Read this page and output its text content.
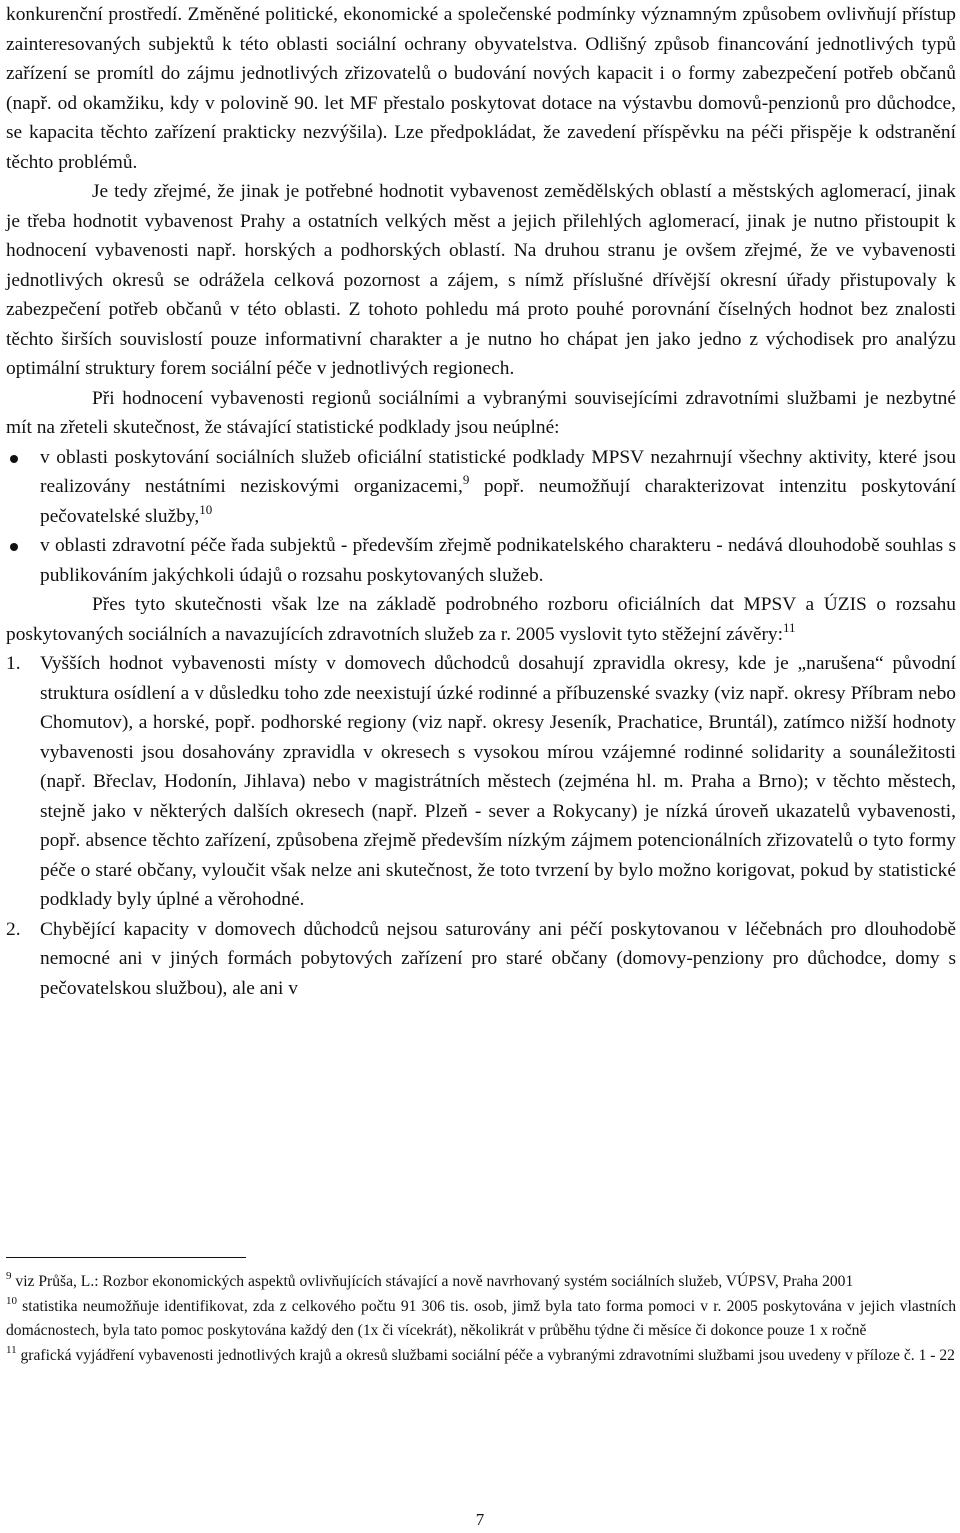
konkurenční prostředí. Změněné politické, ekonomické a společenské podmínky významným způsobem ovlivňují přístup zainteresovaných subjektů k této oblasti sociální ochrany obyvatelstva. Odlišný způsob financování jednotlivých typů zařízení se promítl do zájmu jednotlivých zřizovatelů o budování nových kapacit i o formy zabezpečení potřeb občanů (např. od okamžiku, kdy v polovině 90. let MF přestalo poskytovat dotace na výstavbu domovů-penzionů pro důchodce, se kapacita těchto zařízení prakticky nezvýšila). Lze předpokládat, že zavedení příspěvku na péči přispěje k odstranění těchto problémů.

Je tedy zřejmé, že jinak je potřebné hodnotit vybavenost zemědělských oblastí a městských aglomerací, jinak je třeba hodnotit vybavenost Prahy a ostatních velkých měst a jejich přilehlých aglomerací, jinak je nutno přistoupit k hodnocení vybavenosti např. horských a podhorských oblastí. Na druhou stranu je ovšem zřejmé, že ve vybavenosti jednotlivých okresů se odrážela celková pozornost a zájem, s nímž příslušné dřívější okresní úřady přistupovaly k zabezpečení potřeb občanů v této oblasti. Z tohoto pohledu má proto pouhé porovnání číselných hodnot bez znalosti těchto širších souvislostí pouze informativní charakter a je nutno ho chápat jen jako jedno z východisek pro analýzu optimální struktury forem sociální péče v jednotlivých regionech.

Při hodnocení vybavenosti regionů sociálními a vybranými souvisejícími zdravotními službami je nezbytné mít na zřeteli skutečnost, že stávající statistické podklady jsou neúplné:

v oblasti poskytování sociálních služeb oficiální statistické podklady MPSV nezahrnují všechny aktivity, které jsou realizovány nestátními neziskovými organizacemi,$^9$ popř. neumožňují charakterizovat intenzitu poskytování pečovatelské služby,$^{10}$
v oblasti zdravotní péče řada subjektů - především zřejmě podnikatelského charakteru - nedává dlouhodobě souhlas s publikováním jakýchkoli údajů o rozsahu poskytovaných služeb.

Přes tyto skutečnosti však lze na základě podrobného rozboru oficiálních dat MPSV a ÚZIS o rozsahu poskytovaných sociálních a navazujících zdravotních služeb za r. 2005 vyslovit tyto stěžejní závěry:$^{11}$

1. Vyšších hodnot vybavenosti místy v domovech důchodců dosahují zpravidla okresy, kde je „narušena“ původní struktura osídlení a v důsledku toho zde neexistují úzké rodinné a příbuzenské svazky (viz např. okresy Příbram nebo Chomutov), a horské, popř. podhorské regiony (viz např. okresy Jeseník, Prachatice, Bruntál), zatímco nižší hodnoty vybavenosti jsou dosahovány zpravidla v okresech s vysokou mírou vzájemné rodinné solidarity a sounáležitosti (např. Břeclav, Hodonín, Jihlava) nebo v magistrátních městech (zejména hl. m. Praha a Brno); v těchto městech, stejně jako v některých dalších okresech (např. Plzeň - sever a Rokycany) je nízká úroveň ukazatelů vybavenosti, popř. absence těchto zařízení, způsobena zřejmě především nízkým zájmem potencionálních zřizovatelů o tyto formy péče o staré občany, vyloučit však nelze ani skutečnost, že toto tvrzení by bylo možno korigovat, pokud by statistické podklady byly úplné a věrohodné.
2. Chybějící kapacity v domovech důchodců nejsou saturovány ani péčí poskytovanou v léčebnách pro dlouhodobě nemocné ani v jiných formách pobytových zařízení pro staré občany (domovy-penziony pro důchodce, domy s pečovatelskou službou), ale ani v

$^9$ viz Průša, L.: Rozbor ekonomických aspektů ovlivňujících stávající a nově navrhovaný systém sociálních služeb, VÚPSV, Praha 2001

$^{10}$ statistika neumožňuje identifikovat, zda z celkového počtu 91 306 tis. osob, jimž byla tato forma pomoci v r. 2005 poskytována v jejich vlastních domácnostech, byla tato pomoc poskytována každý den (1x či vícekrát), několikrát v průběhu týdne či měsíce či dokonce pouze 1 x ročně

$^{11}$ grafická vyjádření vybavenosti jednotlivých krajů a okresů službami sociální péče a vybranými zdravotními službami jsou uvedeny v příloze č. 1 - 22

7
